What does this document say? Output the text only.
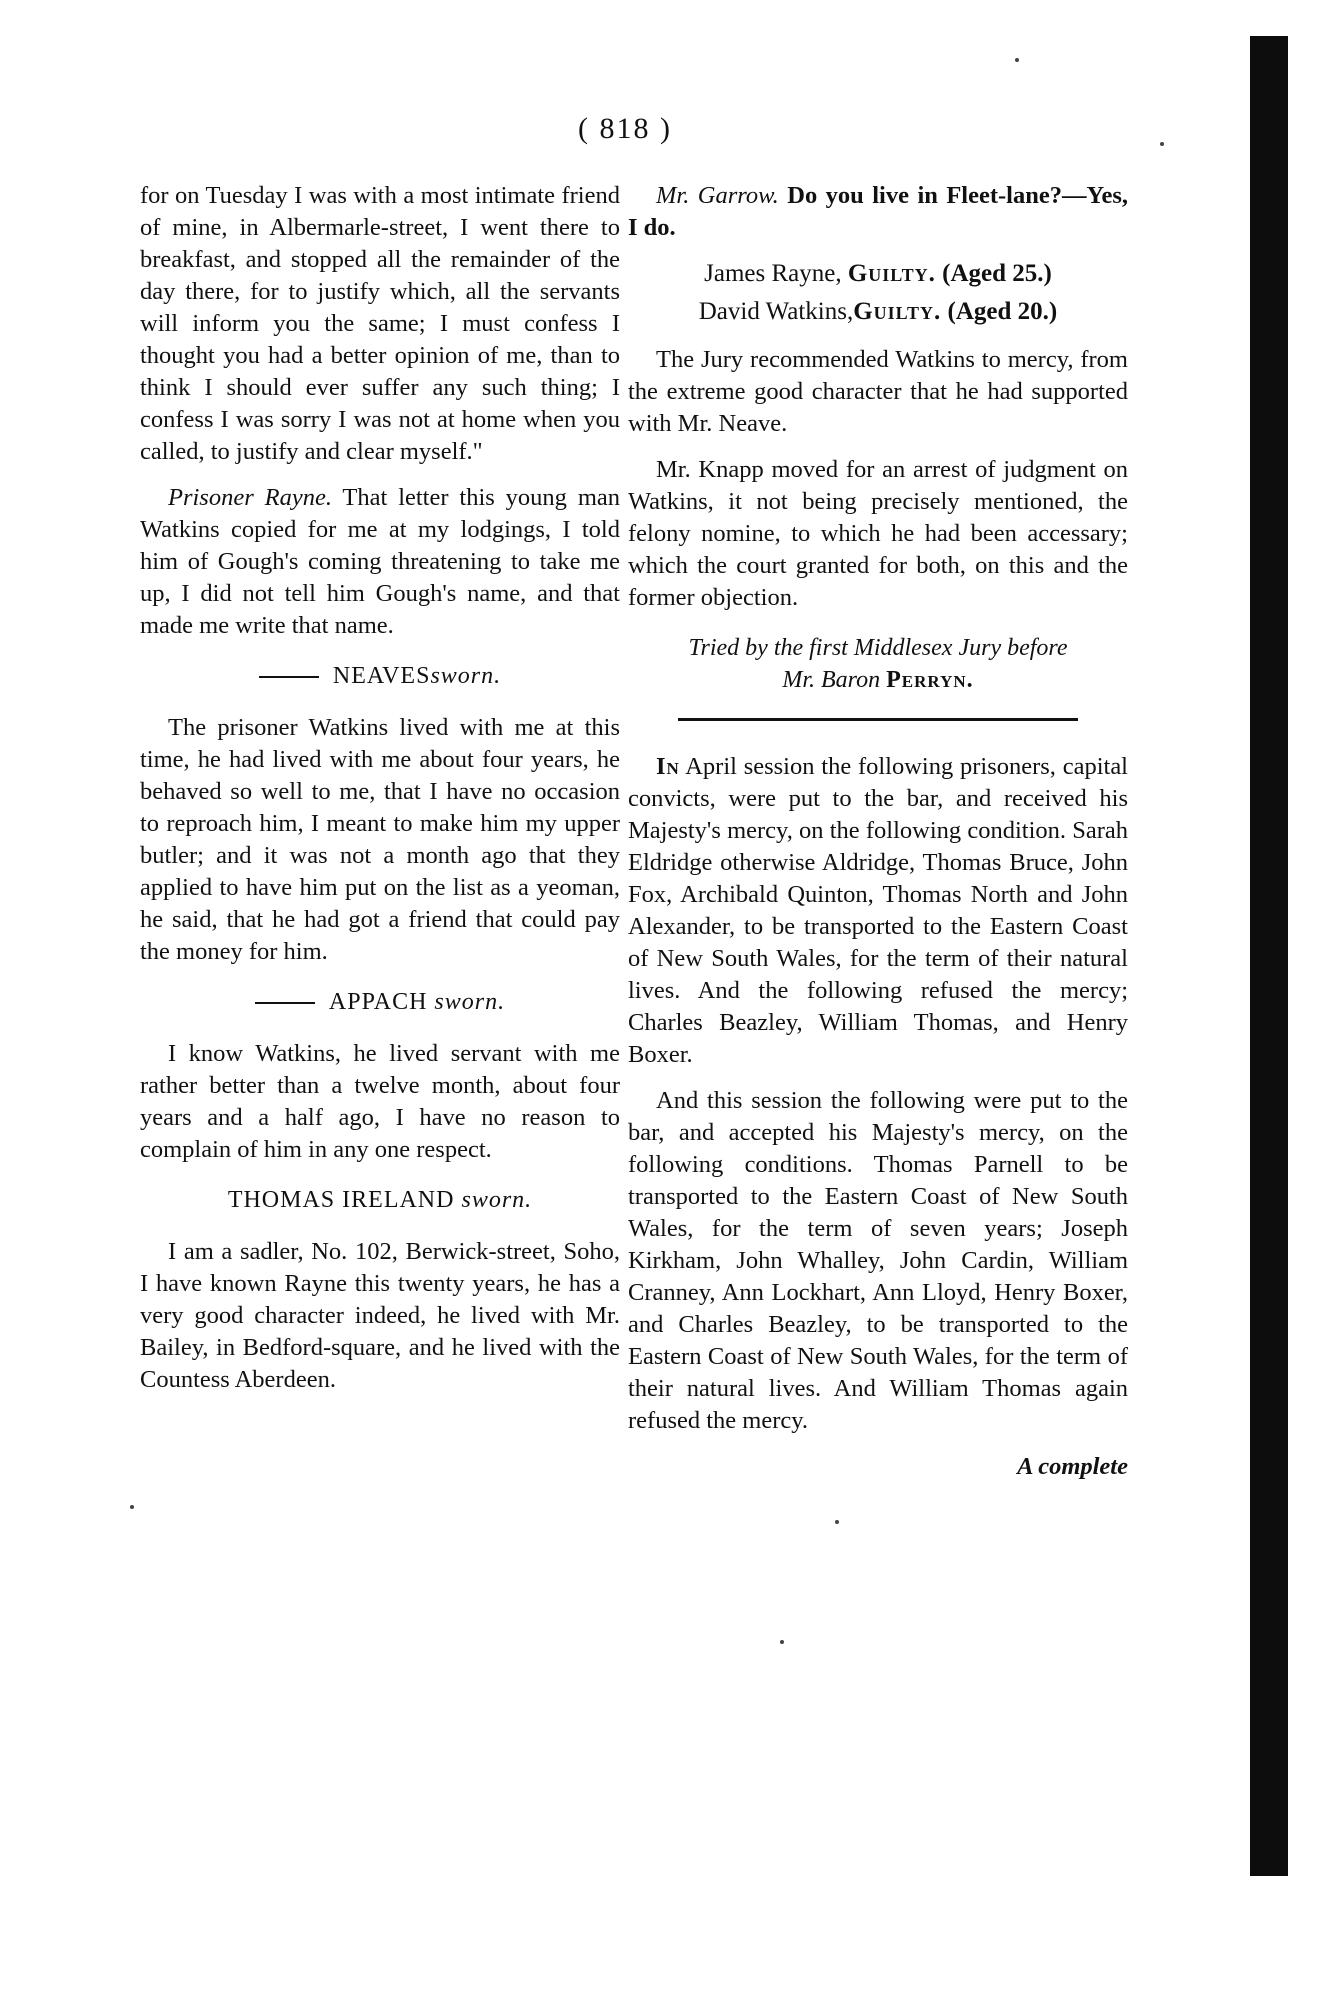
( 818 )

for on Tuesday I was with a most intimate friend of mine, in Albermarle-street, I went there to breakfast, and stopped all the remainder of the day there, for to justify which, all the servants will inform you the same; I must confess I thought you had a better opinion of me, than to think I should ever suffer any such thing; I confess I was sorry I was not at home when you called, to justify and clear myself."

Prisoner Rayne. That letter this young man Watkins copied for me at my lodgings, I told him of Gough's coming threatening to take me up, I did not tell him Gough's name, and that made me write that name.

NEAVESsworn.

The prisoner Watkins lived with me at this time, he had lived with me about four years, he behaved so well to me, that I have no occasion to reproach him, I meant to make him my upper butler; and it was not a month ago that they applied to have him put on the list as a yeoman, he said, that he had got a friend that could pay the money for him.

APPACH sworn.

I know Watkins, he lived servant with me rather better than a twelve month, about four years and a half ago, I have no reason to complain of him in any one respect.

THOMAS IRELAND sworn.

I am a sadler, No. 102, Berwick-street, Soho, I have known Rayne this twenty years, he has a very good character indeed, he lived with Mr. Bailey, in Bedford-square, and he lived with the Countess Aberdeen.

Mr. Garrow. Do you live in Fleet-lane?—Yes, I do.

James Rayne, Guilty. (Aged 25.)
David Watkins,Guilty. (Aged 20.)

The Jury recommended Watkins to mercy, from the extreme good character that he had supported with Mr. Neave.

Mr. Knapp moved for an arrest of judgment on Watkins, it not being precisely mentioned, the felony nomine, to which he had been accessary; which the court granted for both, on this and the former objection.

Tried by the first Middlesex Jury before
Mr. Baron Perryn.

In April session the following prisoners, capital convicts, were put to the bar, and received his Majesty's mercy, on the following condition. Sarah Eldridge otherwise Aldridge, Thomas Bruce, John Fox, Archibald Quinton, Thomas North and John Alexander, to be transported to the Eastern Coast of New South Wales, for the term of their natural lives. And the following refused the mercy; Charles Beazley, William Thomas, and Henry Boxer.

And this session the following were put to the bar, and accepted his Majesty's mercy, on the following conditions. Thomas Parnell to be transported to the Eastern Coast of New South Wales, for the term of seven years; Joseph Kirkham, John Whalley, John Cardin, William Cranney, Ann Lockhart, Ann Lloyd, Henry Boxer, and Charles Beazley, to be transported to the Eastern Coast of New South Wales, for the term of their natural lives. And William Thomas again refused the mercy.

A complete
